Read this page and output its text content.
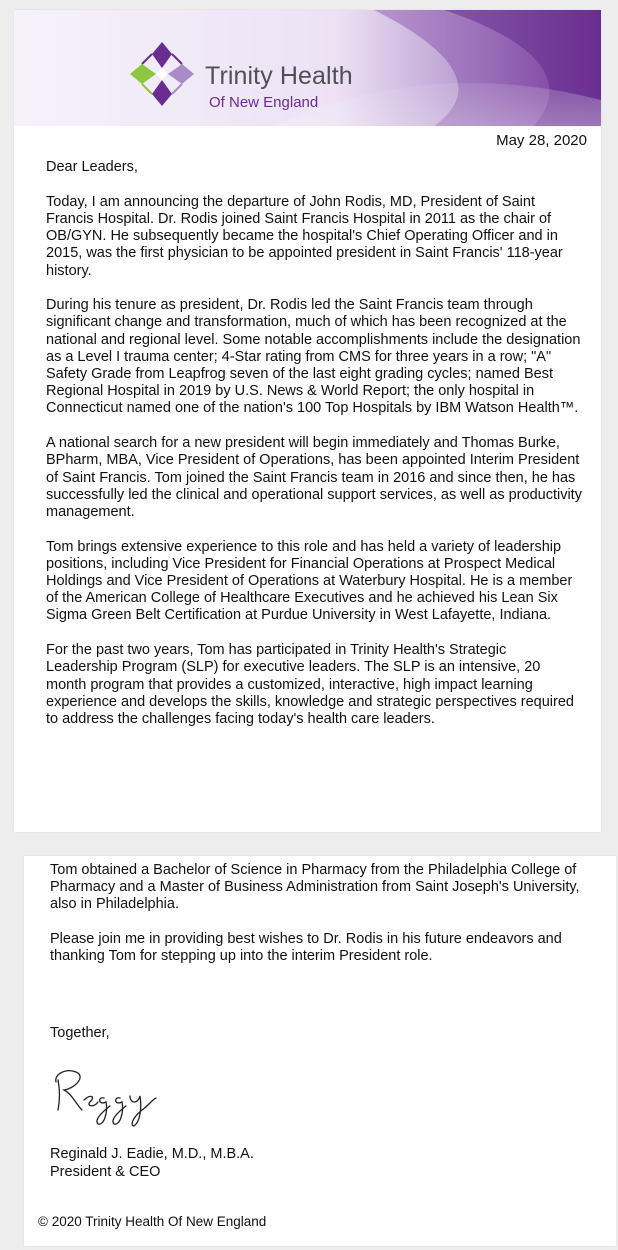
Trinity Health
Of New England
May 28, 2020

Dear Leaders,

Today, I am announcing the departure of John Rodis, MD, President of Saint Francis Hospital. Dr. Rodis joined Saint Francis Hospital in 2011 as the chair of OB/GYN. He subsequently became the hospital's Chief Operating Officer and in 2015, was the first physician to be appointed president in Saint Francis' 118-year history.

During his tenure as president, Dr. Rodis led the Saint Francis team through significant change and transformation, much of which has been recognized at the national and regional level. Some notable accomplishments include the designation as a Level I trauma center; 4-Star rating from CMS for three years in a row; "A" Safety Grade from Leapfrog seven of the last eight grading cycles; named Best Regional Hospital in 2019 by U.S. News & World Report; the only hospital in Connecticut named one of the nation's 100 Top Hospitals by IBM Watson Health™.

A national search for a new president will begin immediately and Thomas Burke, BPharm, MBA, Vice President of Operations, has been appointed Interim President of Saint Francis. Tom joined the Saint Francis team in 2016 and since then, he has successfully led the clinical and operational support services, as well as productivity management.

Tom brings extensive experience to this role and has held a variety of leadership positions, including Vice President for Financial Operations at Prospect Medical Holdings and Vice President of Operations at Waterbury Hospital. He is a member of the American College of Healthcare Executives and he achieved his Lean Six Sigma Green Belt Certification at Purdue University in West Lafayette, Indiana.

For the past two years, Tom has participated in Trinity Health's Strategic Leadership Program (SLP) for executive leaders. The SLP is an intensive, 20 month program that provides a customized, interactive, high impact learning experience and develops the skills, knowledge and strategic perspectives required to address the challenges facing today's health care leaders.

Tom obtained a Bachelor of Science in Pharmacy from the Philadelphia College of Pharmacy and a Master of Business Administration from Saint Joseph's University, also in Philadelphia.

Please join me in providing best wishes to Dr. Rodis in his future endeavors and thanking Tom for stepping up into the interim President role.

Together,
Reginald J. Eadie, M.D., M.B.A.
President & CEO
© 2020 Trinity Health Of New England
